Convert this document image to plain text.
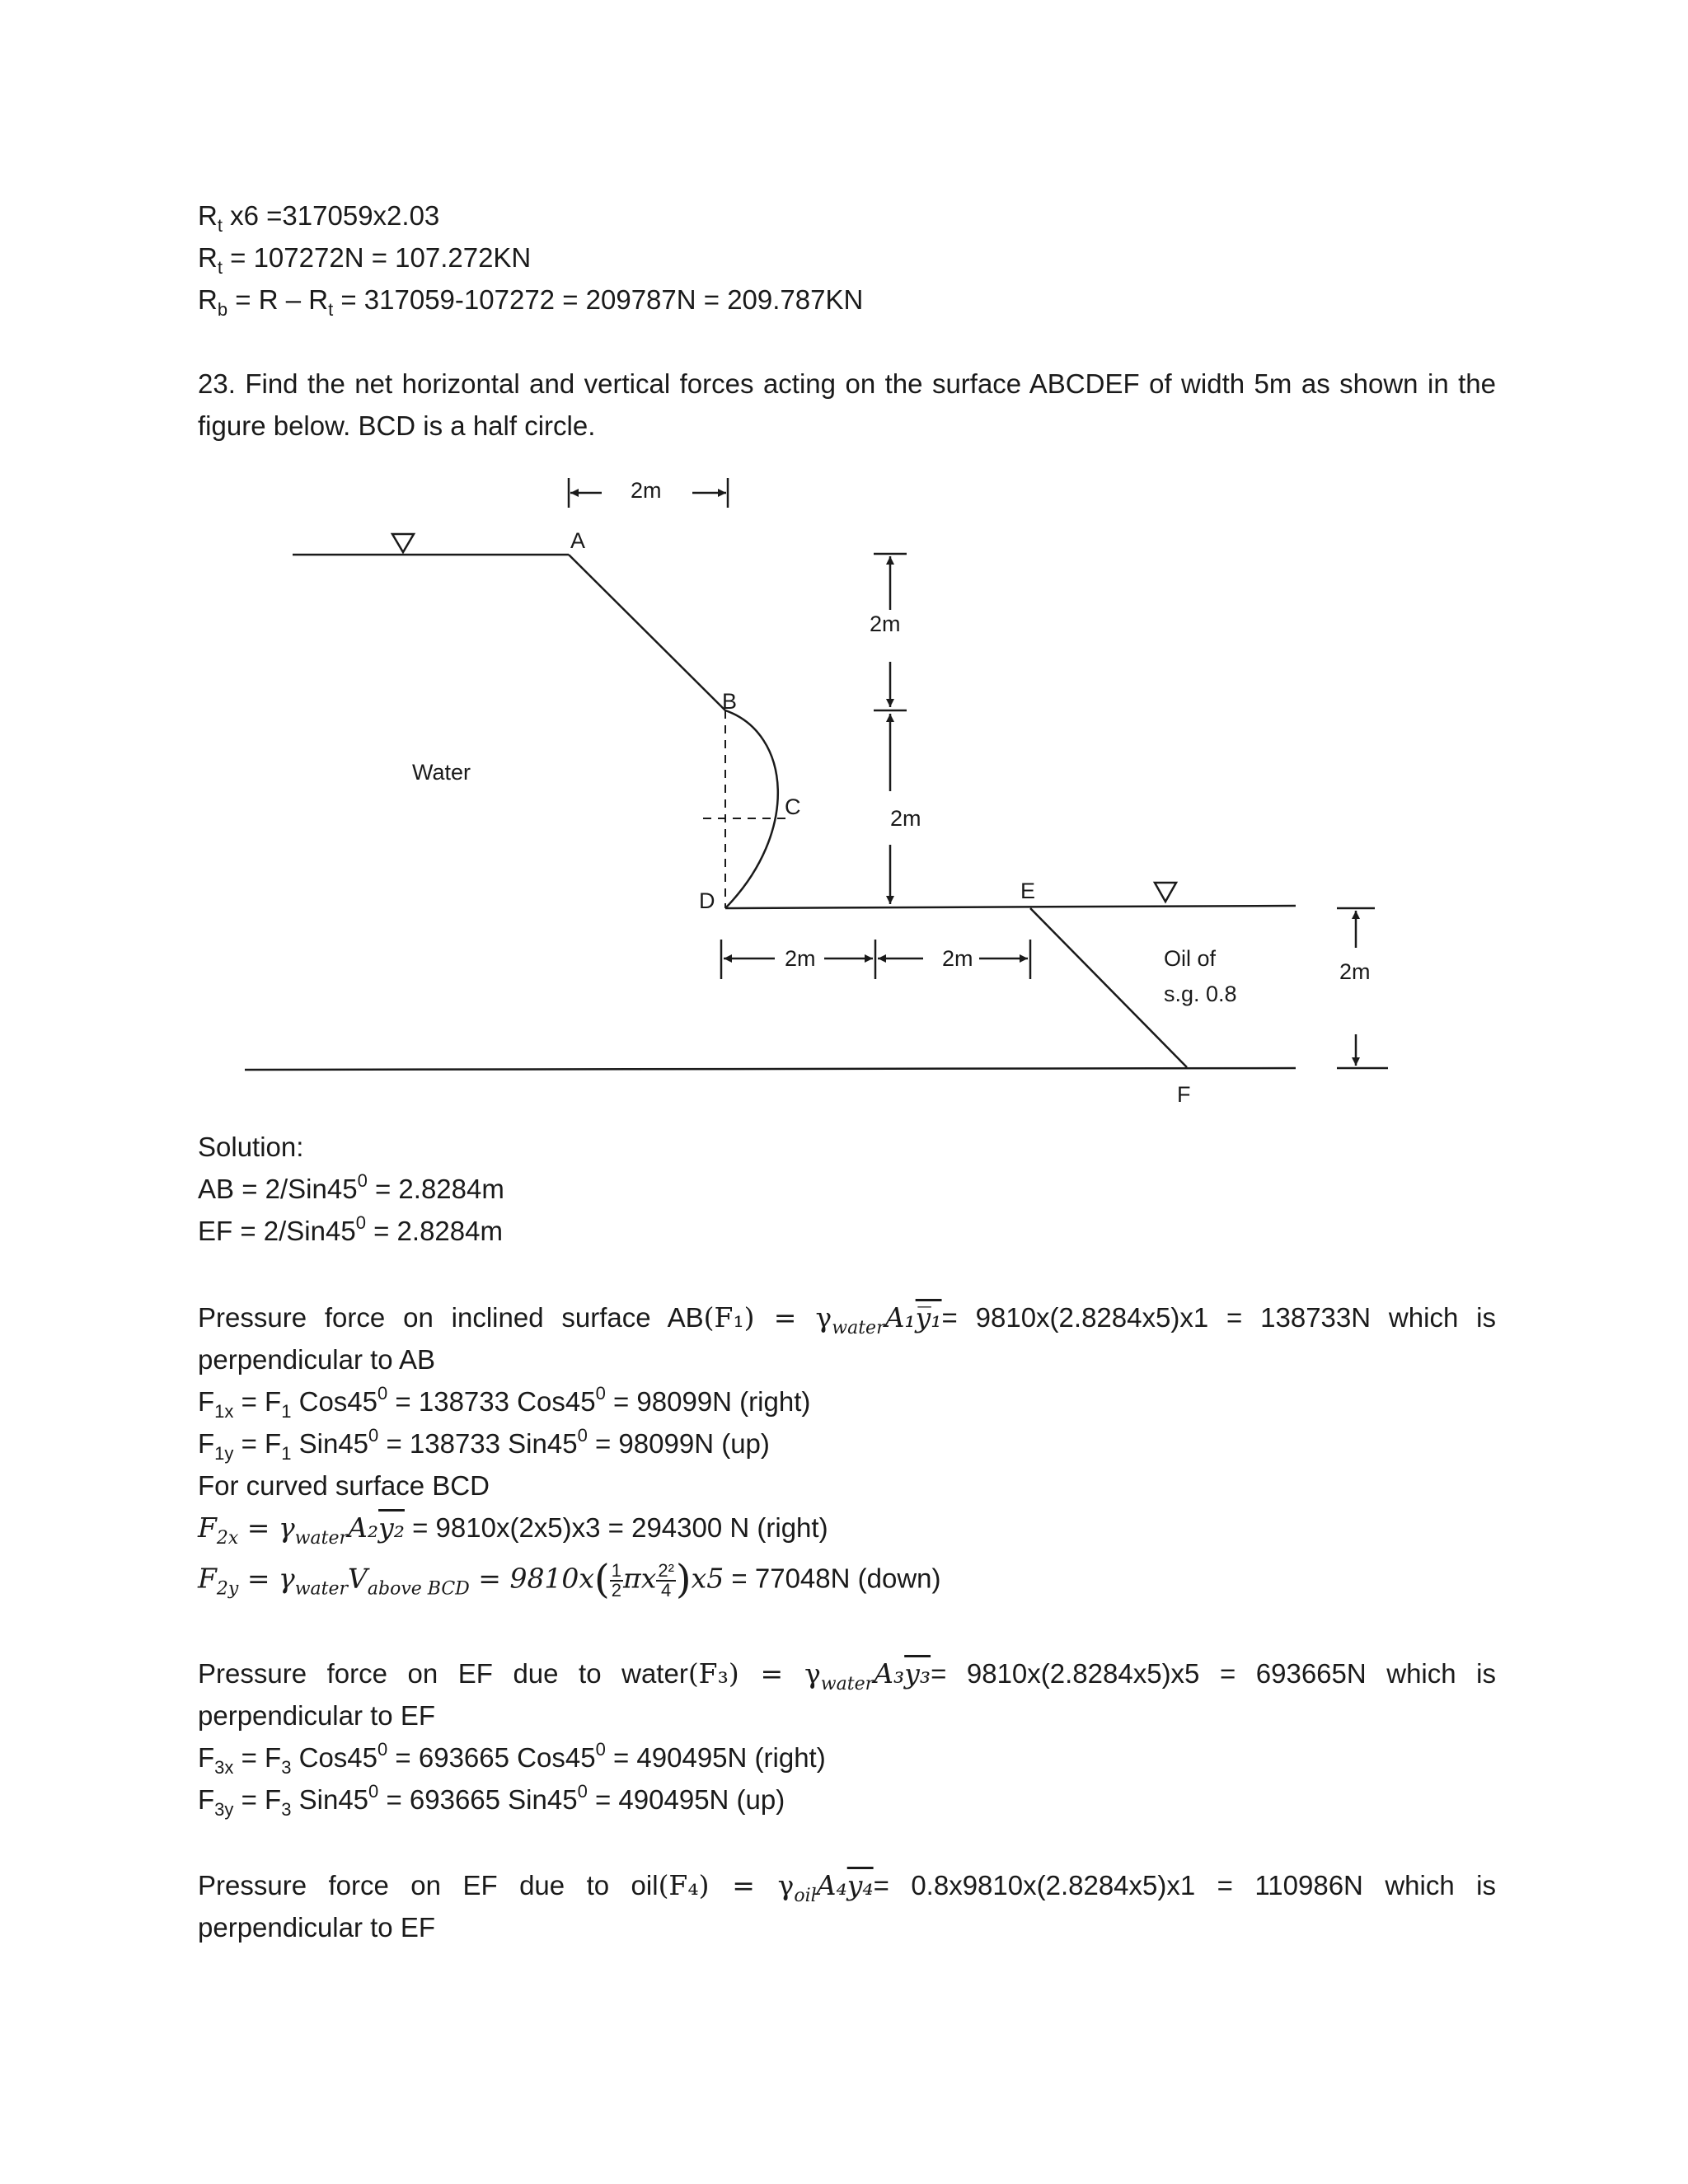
$R_t$ x6 =317059x2.03
$R_t = 107272N = 107.272KN$
$R_b = R - R_t = 317059-107272 = 209787N = 209.787KN$
23. Find the net horizontal and vertical forces acting on the surface ABCDEF of width 5m as shown in the
figure below. BCD is a half circle.
2m
A
B
C
D	E
F
Water
2m
2m
2m	2m	Oil of
s.g. 0.8
2m
Solution:
AB = $2/Sin45^0 = 2.8284m$
EF = $2/Sin45^0 = 2.8284m$
Pressure force on inclined surface $AB(F_1) = \gamma_{water}A_1y̅_1= 9810x(2.8284x5)x1 = 138733N$ which is
perpendicular to AB
$F_{1x} = F_1$ $Cos45^0 = 138733$ $Cos45^0 = 98099N$ (right)
$F_{1y} = F_1$ $Sin45^0 = 138733$ $Sin45^0 = 98099N$ (up)
For curved surface BCD
$F_{2x} = \gamma_{water}A_2y_2 = 9810x(2x5)x3 = 294300$ N (right)
$F_{2y} = \gamma_{water}V_{above BCD} = 9810x( \frac{1}{2}$ πx $\frac{\text{2²}}{4} )x5 = 77048N$ (down)
Pressure force on EF due to water(F₃) = $\gamma_{water}A_3y_3= 9810x(2.8284x5)x5 = 693665N$ which is
perpendicular to EF
$F_{3x} = F_3$ $Cos45^0 = 693665$ $Cos45^0 = 490495N$ (right)
$F_{3y} = F_3$ $Sin45^0 = 693665$ $Sin45^0 = 490495N$ (up)
Pressure force on EF due to $oil(F_4) = \gamma_{oil}A_4y_4= 0.8x9810x(2.8284x5)x1 = 110986N$ which is
perpendicular to EF
